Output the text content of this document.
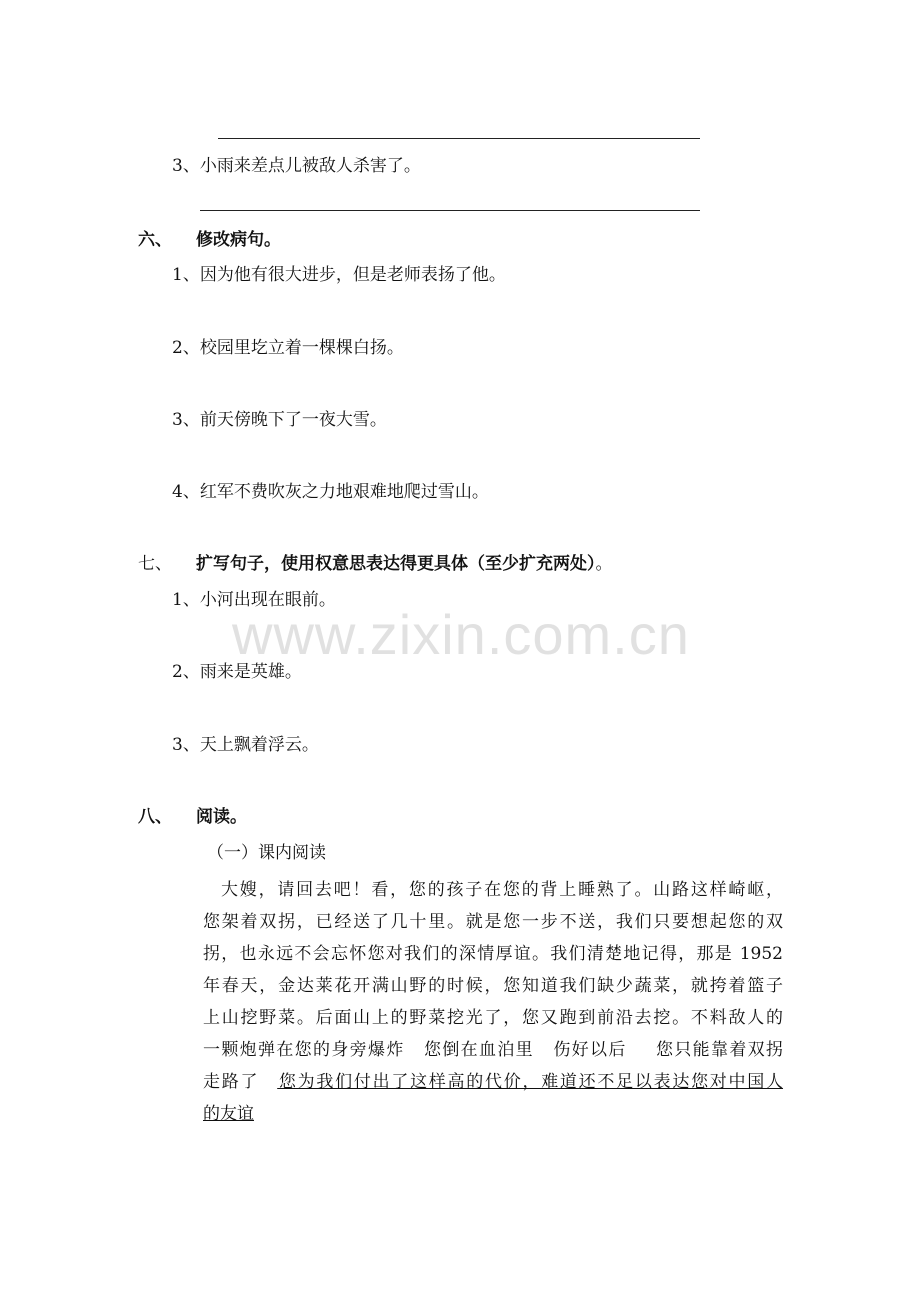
3、小雨来差点儿被敌人杀害了。
六、 修改病句。
1、因为他有很大进步，但是老师表扬了他。
2、校园里圪立着一棵棵白扬。
3、前天傍晚下了一夜大雪。
4、红军不费吹灰之力地艰难地爬过雪山。
七、 扩写句子，使用权意思表达得更具体（至少扩充两处）。
1、小河出现在眼前。
2、雨来是英雄。
3、天上飘着浮云。
八、 阅读。
（一）课内阅读
大嫂，请回去吧！看，您的孩子在您的背上睡熟了。山路这样崎岖，
您架着双拐，已经送了几十里。就是您一步不送，我们只要想起您的双
拐，也永远不会忘怀您对我们的深情厚谊。我们清楚地记得，那是 1952
年春天，金达莱花开满山野的时候，您知道我们缺少蔬菜，就挎着篮子
上山挖野菜。后面山上的野菜挖光了，您又跑到前沿去挖。不料敌人的
一颗炮弹在您的身旁爆炸 您倒在血泊里 伤好以后 您只能靠着双拐
走路了 您为我们付出了这样高的代价，难道还不足以表达您对中国人
的友谊
www.zixin.com.cn
